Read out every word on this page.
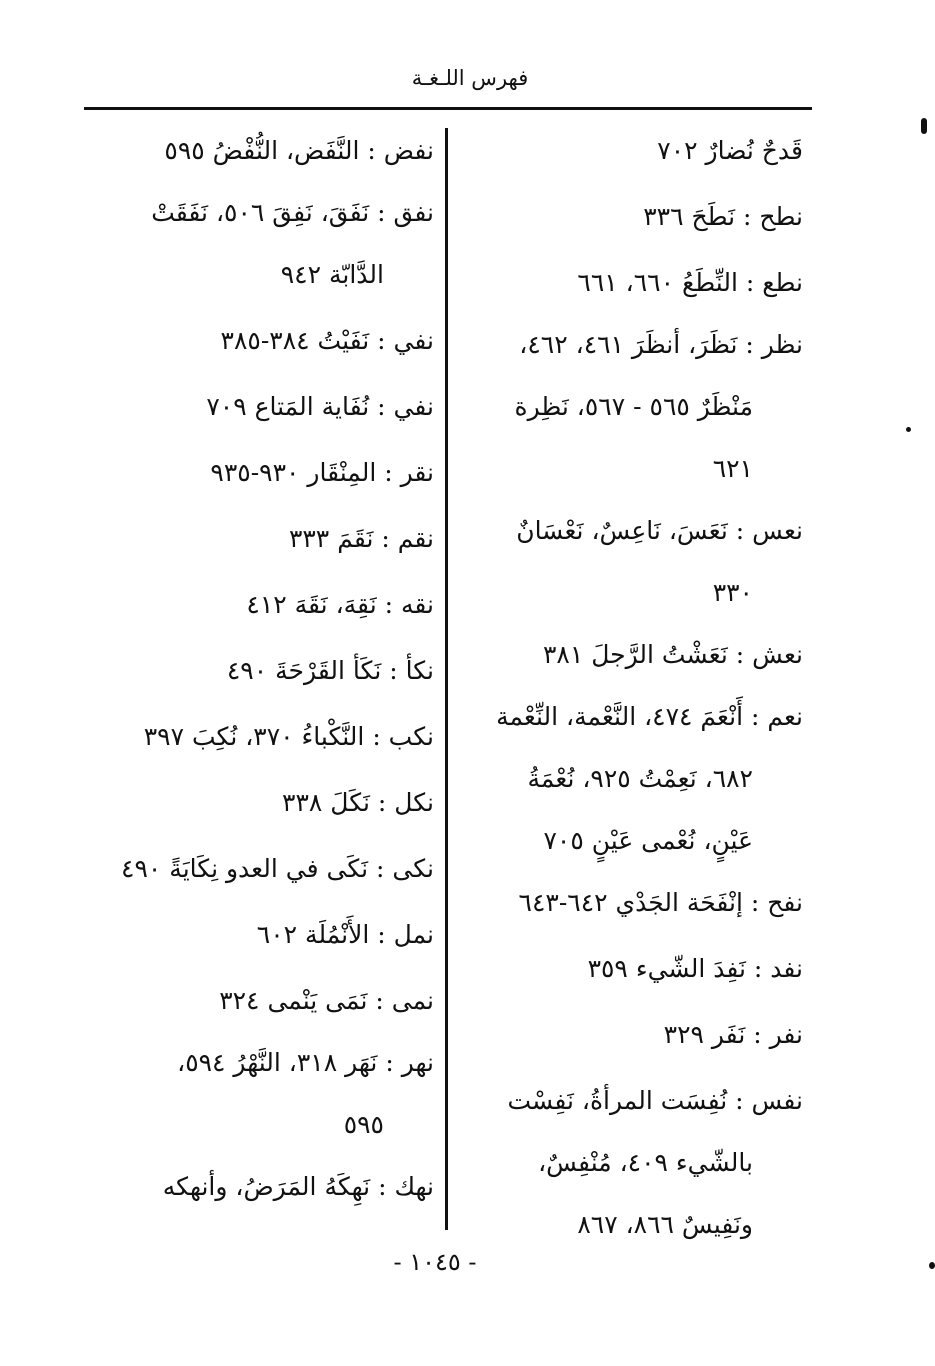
فهرس اللـغـة
قَدحٌ نُضارٌ ٧٠٢
نطح : نَطَحَ ٣٣٦
نطع : النِّطَعُ ٦٦٠، ٦٦١
نظر : نَظَرَ، أنظَرَ ٤٦١، ٤٦٢،
مَنْظَرٌ ٥٦٥ - ٥٦٧، نَظِرة
٦٢١
نعس : نَعَسَ، نَاعِسٌ، نَعْسَانٌ
٣٣٠
نعش : نَعَشْتُ الرَّجلَ ٣٨١
نعم : أَنْعَمَ ٤٧٤، النَّعْمة، النِّعْمة
٦٨٢، نَعِمْتُ ٩٢٥، نُعْمَةُ
عَيْنٍ، نُعْمى عَيْنٍ ٧٠٥
نفح : إنْفَحَة الجَدْي ٦٤٢-٦٤٣
نفد : نَفِدَ الشّيء ٣٥٩
نفر : نَفَر ٣٢٩
نفس : نُفِسَت المرأةُ، نَفِسْت
بالشّيء ٤٠٩، مُنْفِسٌ،
ونَفِيسٌ ٨٦٦، ٨٦٧
نفض : النَّفَض، النُّفْضُ ٥٩٥
نفق : نَفَقَ، نَفِقَ ٥٠٦، نَفَقَتْ
الدَّابّة ٩٤٢
نفي : نَفَيْتُ ٣٨٤-٣٨٥
نفي : نُفَاية المَتاع ٧٠٩
نقر : المِنْقَار ٩٣٠-٩٣٥
نقم : نَقَمَ ٣٣٣
نقه : نَقِهَ، نَقَهَ ٤١٢
نكأ : نَكَأ القَرْحَةَ ٤٩٠
نكب : النَّكْباءُ ٣٧٠، نُكِبَ ٣٩٧
نكل : نَكَلَ ٣٣٨
نكى : نَكَى في العدو نِكَايَةً ٤٩٠
نمل : الأَنْمُلَة ٦٠٢
نمى : نَمَى يَنْمى ٣٢٤
نهر : نَهَر ٣١٨، النَّهْرُ ٥٩٤،
٥٩٥
نهك : نَهِكَهُ المَرَضُ، وأنهكه
- ١٠٤٥ -
